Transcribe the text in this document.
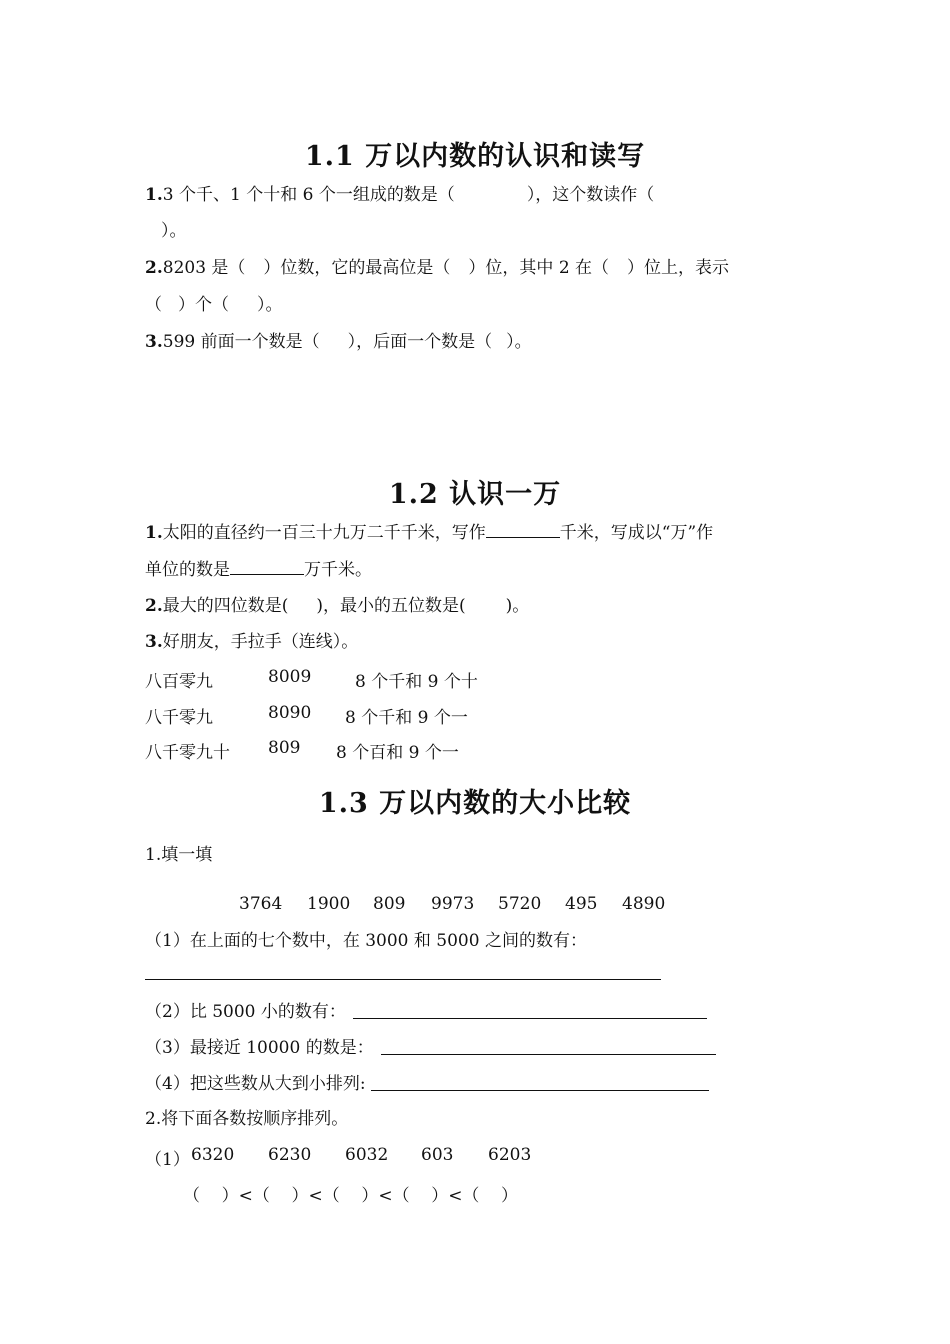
1.1 万以内数的认识和读写
1.3 个千、1 个十和 6 个一组成的数是（	），这个数读作（
）。
2.8203 是（ ）位数，它的最高位是（ ）位，其中 2 在（ ）位上，表示
（ ）个（ ）。
3.599 前面一个数是（ ），后面一个数是（ ）。
1.2 认识一万
1.太阳的直径约一百三十九万二千千米，写作	千米，写成以“万”作
单位的数是	万千米。
2.最大的四位数是( )，最小的五位数是( )。
3.好朋友，手拉手（连线）。
八百零九	8009	8 个千和 9 个十
八千零九	8090 8 个千和 9 个一
八千零九十 809 8 个百和 9 个一
1.3 万以内数的大小比较
1.填一填
3764 1900 809 9973 5720 495 4890
（1）在上面的七个数中，在 3000 和 5000 之间的数有：
（2）比 5000 小的数有：
（3）最接近 10000 的数是：
（4）把这些数从大到小排列:
2.将下面各数按顺序排列。
（1） 6320 6230 6032 603 6203
（    ）<（    ）<（    ）<（    ）<（    ）
